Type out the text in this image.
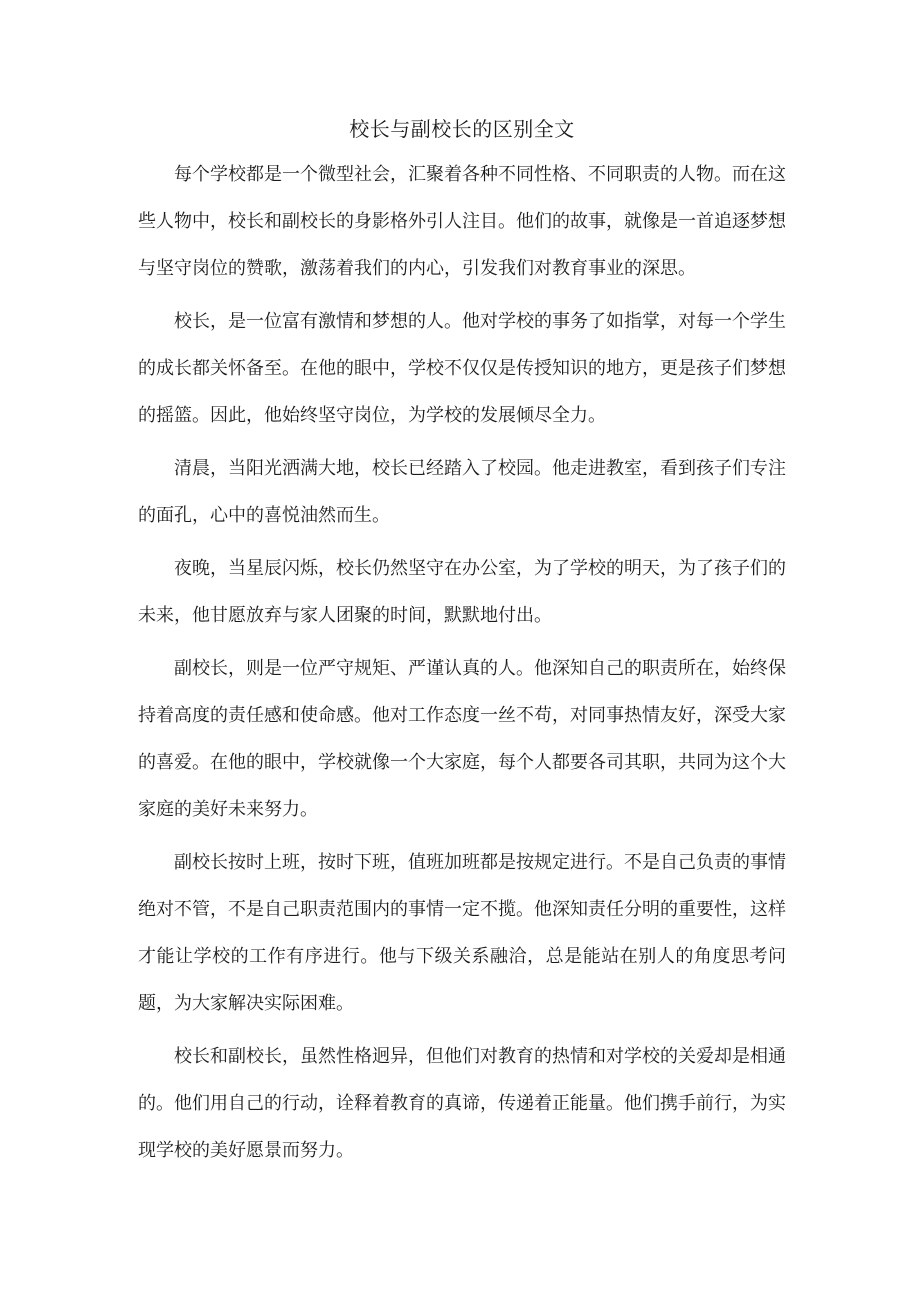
校长与副校长的区别全文

每个学校都是一个微型社会，汇聚着各种不同性格、不同职责的人物。而在这些人物中，校长和副校长的身影格外引人注目。他们的故事，就像是一首追逐梦想与坚守岗位的赞歌，激荡着我们的内心，引发我们对教育事业的深思。

校长，是一位富有激情和梦想的人。他对学校的事务了如指掌，对每一个学生的成长都关怀备至。在他的眼中，学校不仅仅是传授知识的地方，更是孩子们梦想的摇篮。因此，他始终坚守岗位，为学校的发展倾尽全力。

清晨，当阳光洒满大地，校长已经踏入了校园。他走进教室，看到孩子们专注的面孔，心中的喜悦油然而生。

夜晚，当星辰闪烁，校长仍然坚守在办公室，为了学校的明天，为了孩子们的未来，他甘愿放弃与家人团聚的时间，默默地付出。

副校长，则是一位严守规矩、严谨认真的人。他深知自己的职责所在，始终保持着高度的责任感和使命感。他对工作态度一丝不苟，对同事热情友好，深受大家的喜爱。在他的眼中，学校就像一个大家庭，每个人都要各司其职，共同为这个大家庭的美好未来努力。

副校长按时上班，按时下班，值班加班都是按规定进行。不是自己负责的事情绝对不管，不是自己职责范围内的事情一定不揽。他深知责任分明的重要性，这样才能让学校的工作有序进行。他与下级关系融洽，总是能站在别人的角度思考问题，为大家解决实际困难。

校长和副校长，虽然性格迥异，但他们对教育的热情和对学校的关爱却是相通的。他们用自己的行动，诠释着教育的真谛，传递着正能量。他们携手前行，为实现学校的美好愿景而努力。
